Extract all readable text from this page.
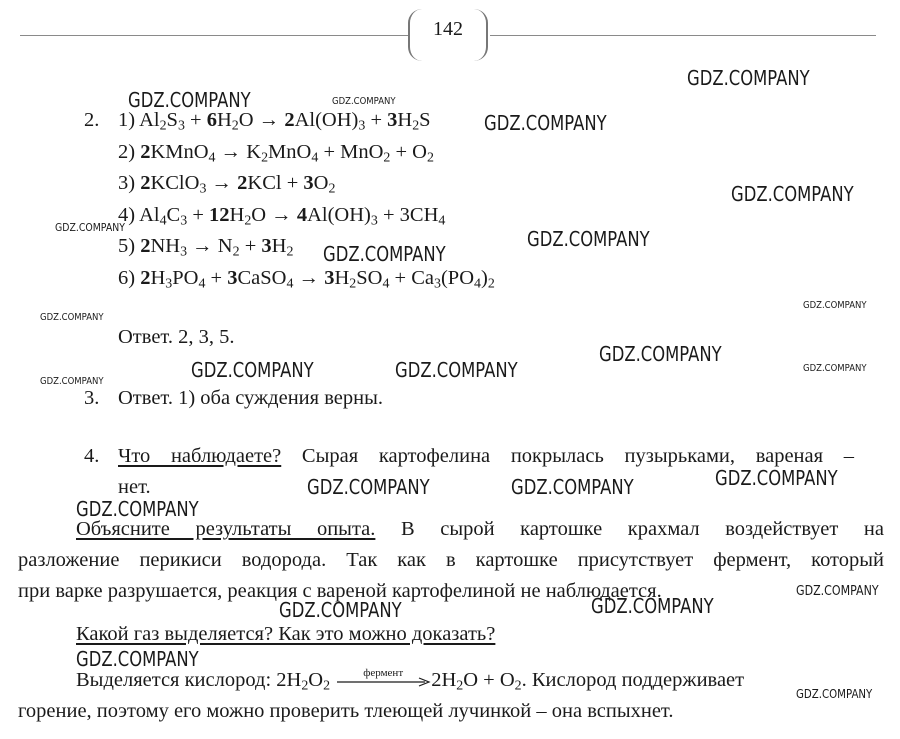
142
2. 1) $Al_2S_3 + 6H_2O \to 2Al(OH)_3 + 3H_2S$
2) 2KMnO$_4$ → $K_2MnO_4 + MnO_2 + O_2$
3) 2KClO$_3$ → $2KCl + 3O_2$
4) $Al_4C_3 + 12H_2O \to 4Al(OH)_3 + 3CH_4$
5) $2NH_3 \to N_2 + 3H_2$
6) $2H_3PO_4$ + 3CaSO$_4$ → $3H_2SO_4 + Ca_3(PO_4)_2$
Ответ. 2, 3, 5.
3. Ответ. 1) оба суждения верны.
4. Что наблюдаете? Сырая картофелина покрылась пузырьками, вареная –
нет.
Объясните результаты опыта. В сырой картошке крахмал воздействует на
разложение перикиси водорода. Так как в картошке присутствует фермент, который
при варке разрушается, реакция с вареной картофелиной не наблюдается.
Какой газ выделяется? Как это можно доказать?
Выделяется кислород: $2H_2O_2$
фермент	$2H_2O + O_2$. Кислород поддерживает
горение, поэтому его можно проверить тлеющей лучинкой – она вспыхнет.
GDZ.COMPANY
GDZ.COMPANY	GDZ.COMPANY
GDZ.COMPANY
GDZ.COMPANY
GDZ.COMPANY	GDZ.COMPANY
GDZ.COMPANY
GDZ.COMPANY
GDZ.COMPANY
GDZ.COMPANY
GDZ.COMPANY	GDZ.COMPANY	GDZ.COMPANY
GDZ.COMPANY
GDZ.COMPANY
GDZ.COMPANY	GDZ.COMPANY
GDZ.COMPANY
GDZ.COMPANY
GDZ.COMPANY
GDZ.COMPANY
GDZ.COMPANY
GDZ.COMPANY
